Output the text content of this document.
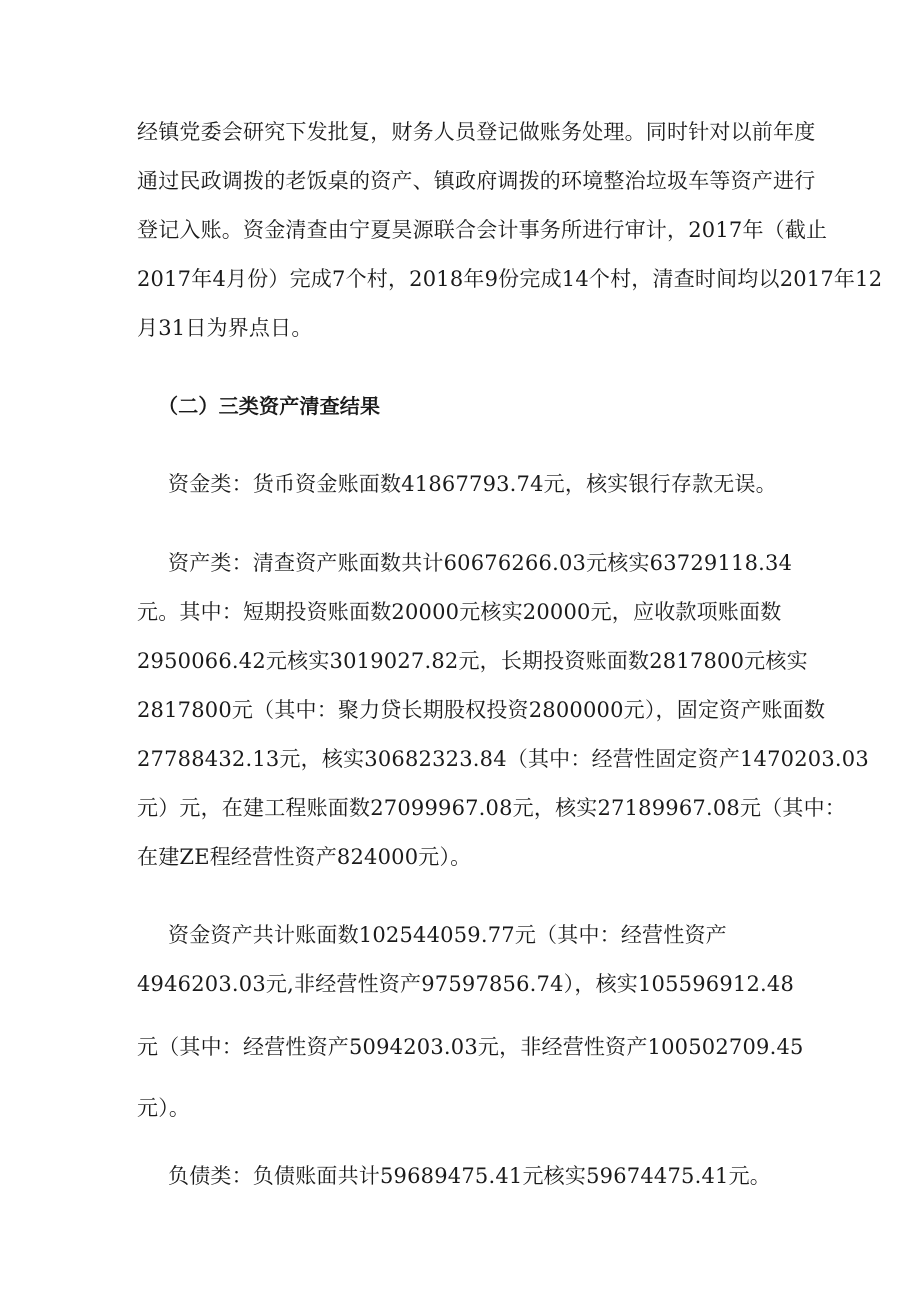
经镇党委会研究下发批复，财务人员登记做账务处理。同时针对以前年度
通过民政调拨的老饭桌的资产、镇政府调拨的环境整治垃圾车等资产进行
登记入账。资金清查由宁夏昊源联合会计事务所进行审计，2017年（截止
2017年4月份）完成7个村，2018年9份完成14个村，清查时间均以2017年12
月31日为界点日。
（二）三类资产清查结果
资金类：货币资金账面数41867793.74元，核实银行存款无误。
资产类：清查资产账面数共计60676266.03元核实63729118.34
元。其中：短期投资账面数20000元核实20000元，应收款项账面数
2950066.42元核实3019027.82元，长期投资账面数2817800元核实
2817800元（其中：聚力贷长期股权投资2800000元），固定资产账面数
27788432.13元，核实30682323.84（其中：经营性固定资产1470203.03
元）元，在建工程账面数27099967.08元，核实27189967.08元（其中：
在建ZE程经营性资产824000元）。
资金资产共计账面数102544059.77元（其中：经营性资产
4946203.03元,非经营性资产97597856.74），核实105596912.48
元（其中：经营性资产5094203.03元，非经营性资产100502709.45
元）。
负债类：负债账面共计59689475.41元核实59674475.41元。
